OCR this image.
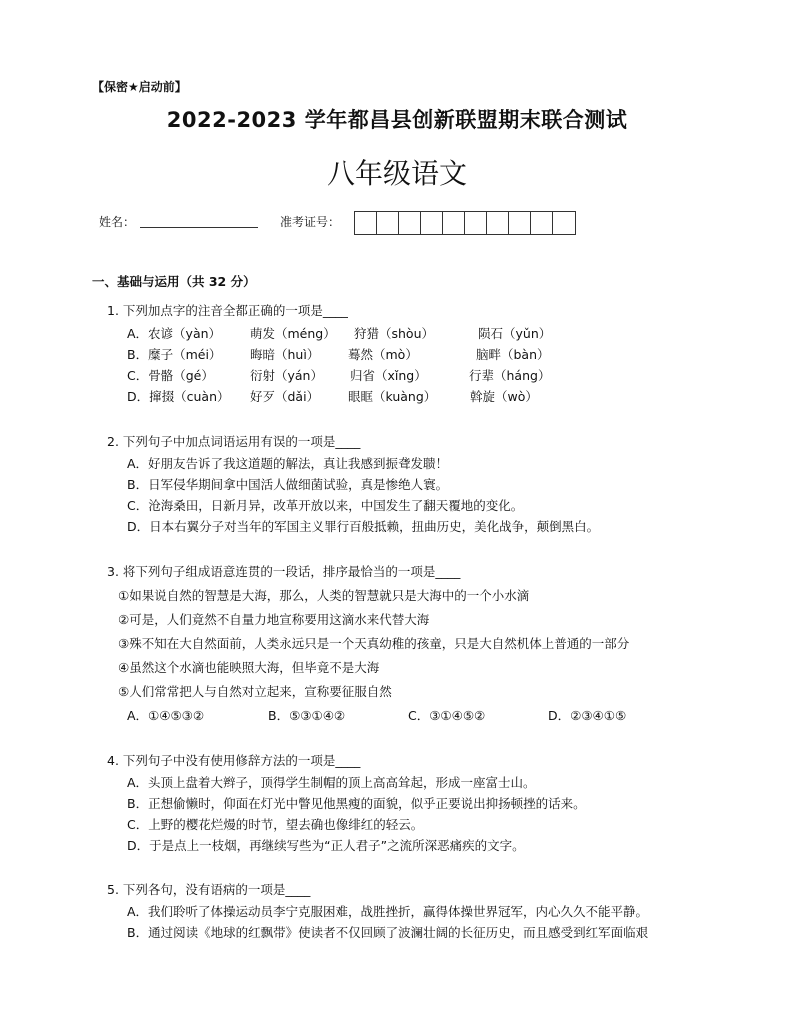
【保密★启动前】
2022-2023 学年都昌县创新联盟期末联合测试
八年级语文
姓名：	准考证号：
一、基础与运用（共 32 分）
1. 下列加点字的注音全都正确的一项是____
A．农谚（yàn） 萌发（méng） 狩猎（shòu）	陨石（yǔn）
B．糜子（méi） 晦暗（huì） 蓦然（mò）	脑畔（bàn）
C．骨骼（gé）	衍射（yán） 归省（xǐng）	行辈（háng）
D．撺掇（cuàn） 好歹（dǎi） 眼眶（kuàng）	斡旋（wò）
2. 下列句子中加点词语运用有误的一项是____
A．好朋友告诉了我这道题的解法，真让我感到振聋发聩！
B．日军侵华期间拿中国活人做细菌试验，真是惨绝人寰。
C．沧海桑田，日新月异，改革开放以来，中国发生了翻天覆地的变化。
D．日本右翼分子对当年的军国主义罪行百般抵赖，扭曲历史，美化战争，颠倒黑白。
3. 将下列句子组成语意连贯的一段话，排序最恰当的一项是____
①如果说自然的智慧是大海，那么，人类的智慧就只是大海中的一个小水滴
②可是，人们竟然不自量力地宣称要用这滴水来代替大海
③殊不知在大自然面前，人类永远只是一个天真幼稚的孩童，只是大自然机体上普通的一部分
④虽然这个水滴也能映照大海，但毕竟不是大海
⑤人们常常把人与自然对立起来，宣称要征服自然
A．①④⑤③②	B．⑤③①④②	C．③①④⑤②	D．②③④①⑤
4. 下列句子中没有使用修辞方法的一项是____
A．头顶上盘着大辫子，顶得学生制帽的顶上高高耸起，形成一座富士山。
B．正想偷懒时，仰面在灯光中瞥见他黑瘦的面貌，似乎正要说出抑扬顿挫的话来。
C．上野的樱花烂熳的时节，望去确也像绯红的轻云。
D．于是点上一枝烟，再继续写些为“正人君子”之流所深恶痛疾的文字。
5. 下列各句，没有语病的一项是____
A．我们聆听了体操运动员李宁克服困难，战胜挫折，赢得体操世界冠军，内心久久不能平静。
B．通过阅读《地球的红飘带》使读者不仅回顾了波澜壮阔的长征历史，而且感受到红军面临艰
